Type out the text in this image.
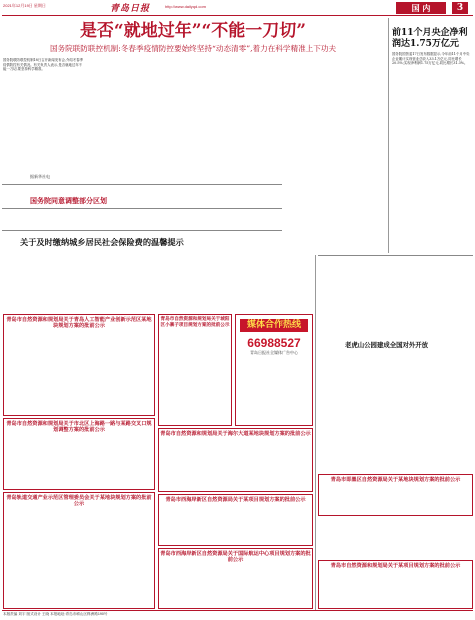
2021年12月19日 星期日	青岛日报	http://www.dailyqd.com	国 内	3
是否“就地过年”“不能一刀切”
国务院联防联控机制:冬春季疫情防控要始终坚持“动态清零”,着力在科学精准上下功夫
前11个月央企净利润达1.75万亿元
国务院国资委17日发布数据显示,今年前11个月中央企业累计实现营业总收入33.1万亿元,同比增长20.5%;实现净利润1.75万亿元,同比增长31.3%。
国务院联防联控机制18日召开新闻发布会,介绍冬春季疫情防控有关情况。有关负责人表示,是否就地过年不能一刀切,要坚持科学精准。
据新华社电
国务院同意调整部分区划
关于及时缴纳城乡居民社会保险费的温馨提示
老虎山公园建成全国对外开放
青岛市自然资源和规划局关于青岛人工智能产业创新示范区某地块规划方案的批前公示
青岛市自然资源和规划局关于城阳区小寨子项目规划方案的批前公示	媒体合作热线
66988527
青岛日报社全媒体广告中心
青岛市自然资源和规划局关于市北区上海路一路与某路交叉口规划调整方案的批前公示
青岛市自然资源和规划局关于海尔大道某地块规划方案的批前公示
青岛轨道交通产业示范区管理委员会关于某地块规划方案的批前公示
青岛市西海岸新区自然资源局关于某项目规划方案的批前公示
青岛市西海岸新区自然资源局关于国际航运中心项目规划方案的批前公示
青岛市即墨区自然资源局关于某地块规划方案的批前公示
青岛市自然资源和规划局关于某项目规划方案的批前公示
本版责编 刘宇 版式设计 王晓 本报地址:青岛市崂山区株洲路190号
